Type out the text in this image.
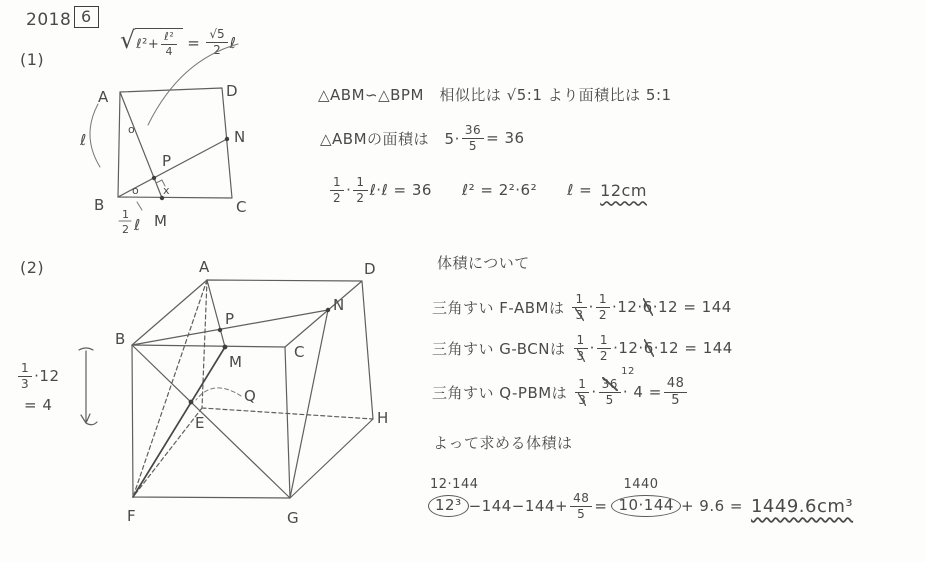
2018 6
(1)
√ ℓ²+ $\frac{\text{ℓ²}}{4} = \frac{√5}{2}$ ℓ
A	D
B	C
N
P
M
ℓ
o
o x
1
2 ℓ
△ABM∽△BPM　相似比は √5:1 より面積比は 5:1
△ABMの面積は　$5\cdot \frac{36}{5} = 36$
$\frac{1}{2} \cdot \frac{1}{2}$ ℓ·ℓ = 36 ℓ² = 2²·6² ℓ = 12cm
(2)
$\frac{1}{3} \cdot 12$
= 4
A	D
B
C
E
F	G
H
M
N
P
Q
体積について
三角すい F-ABMは $\frac{1}{3} \cdot \frac{1}{2} \cdot 12\cdot 6 \cdot 12 = 144$
三角すい G-BCNは $\frac{1}{3} \cdot \frac{1}{2} \cdot 12\cdot 6 \cdot 12 = 144$
三角すい Q-PBMは $\frac{1}{3} \cdot 36$
12
$5 \cdot 4 = \frac{48}{5}$
よって求める体積は
12·144
$12^3 -144-144+ \frac{48}{5} = \frac{1440}{10\cdot 144} + 9.6 = 1449.6cm^3$
